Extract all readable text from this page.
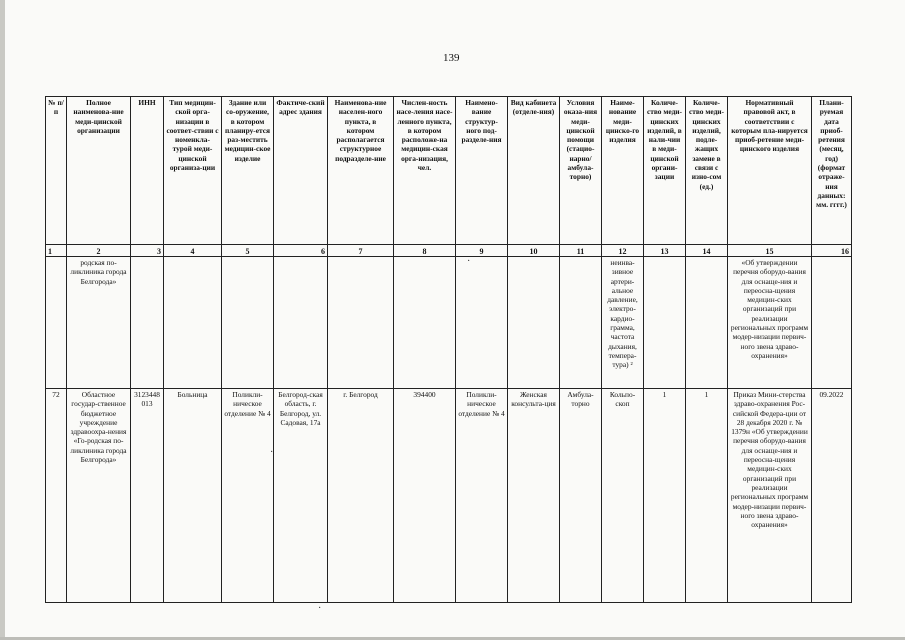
139
№ п/п	Полное наименова-ние меди-цинской организации	ИНН	Тип медицин-ской орга-низации в соответ-ствии с номенкла-турой меди-цинской организа-ции	Здание или со-оружение, в котором планиру-ется раз-местить медицин-ское изделие	Фактиче-ский адрес здания	Наименова-ние населен-ного пункта, в котором располагается структурное подразделе-ние	Числен-ность насе-ления насе-ленного пункта, в котором расположе-на медицин-ская орга-низация, чел.	Наимено-вание структур-ного под-разделе-ния	Вид кабинета (отделе-ния)	Условия оказа-ния меди-цинской помощи (стацио-нарно/ амбула-торно)	Наиме-нование меди-цинско-го изделия	Количе-ство меди-цинских изделий, в нали-чии в меди-цинской органи-зации	Количе-ство меди-цинских изделий, подле-жащих замене в связи с изно-сом (ед.)	Нормативный правовой акт, в соответствии с которым пла-нируется приоб-ретение меди-цинского изделия	Плани-руемая дата приоб-ретения (месяц, год) (формат отраже-ния данных: мм. гггг.)
1	2	3	4	5	6	7	8	9	10	11	12	13	14	15	16
	родская по-ликлиника города Белгорода»										неинва-зивное артери-альное давление, электро-кардио-грамма, частота дыхания, темпера-тура) ²			«Об утверждении перечня оборудо-вания для оснаще-ния и переосна-щения медицин-ских организаций при реализации региональных программ модер-низации первич-ного звена здраво-охранения»	
72	Областное государ-ственное бюджетное учреждение здравоохра-нения «Го-родская по-ликлиника города Белгорода»	3123448013	Больница	Поликли-ническое отделение № 4	Белгород-ская область, г. Белгород, ул. Садовая, 17а	г. Белгород	394400	Поликли-ническое отделение № 4	Женская консульта-ция	Амбула-торно	Кольпо-скоп	1	1	Приказ Мини-стерства здраво-охранения Рос-сийской Федера-ции от 28 декабря 2020 г. № 1379н «Об утверждении перечня оборудо-вания для оснаще-ния и переосна-щения медицин-ских организаций при реализации региональных программ модер-низации первич-ного звена здраво-охранения»	09.2022
·
·
·
